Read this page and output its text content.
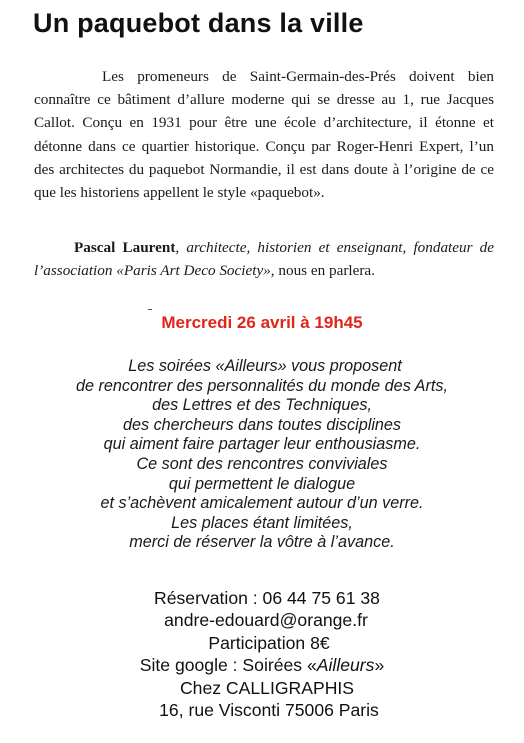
Un paquebot dans la ville
Les promeneurs de Saint-Germain-des-Prés doivent bien connaître ce bâtiment d’allure moderne qui se dresse au 1, rue Jacques Callot. Conçu en 1931 pour être une école d’architecture, il étonne et détonne dans ce quartier historique. Conçu par Roger-Henri Expert, l’un des architectes du paquebot Normandie, il est dans doute à l’origine de ce que les historiens appellent le style «paquebot».
Pascal Laurent, architecte, historien et enseignant, fondateur de l’association «Paris Art Deco Society», nous en parlera.
Mercredi 26 avril à 19h45
Les soirées «Ailleurs» vous proposent
de rencontrer des personnalités du monde des Arts,
des Lettres et des Techniques,
des chercheurs dans toutes disciplines
qui aiment faire partager leur enthousiasme.
Ce sont des rencontres conviviales
qui permettent le dialogue
et s’achèvent amicalement autour d’un verre.
Les places étant limitées,
merci de réserver la vôtre à l’avance.
Réservation : 06 44 75 61 38
andre-edouard@orange.fr
Participation 8€
Site google : Soirées «Ailleurs»
Chez CALLIGRAPHIS
16, rue Visconti 75006 Paris
